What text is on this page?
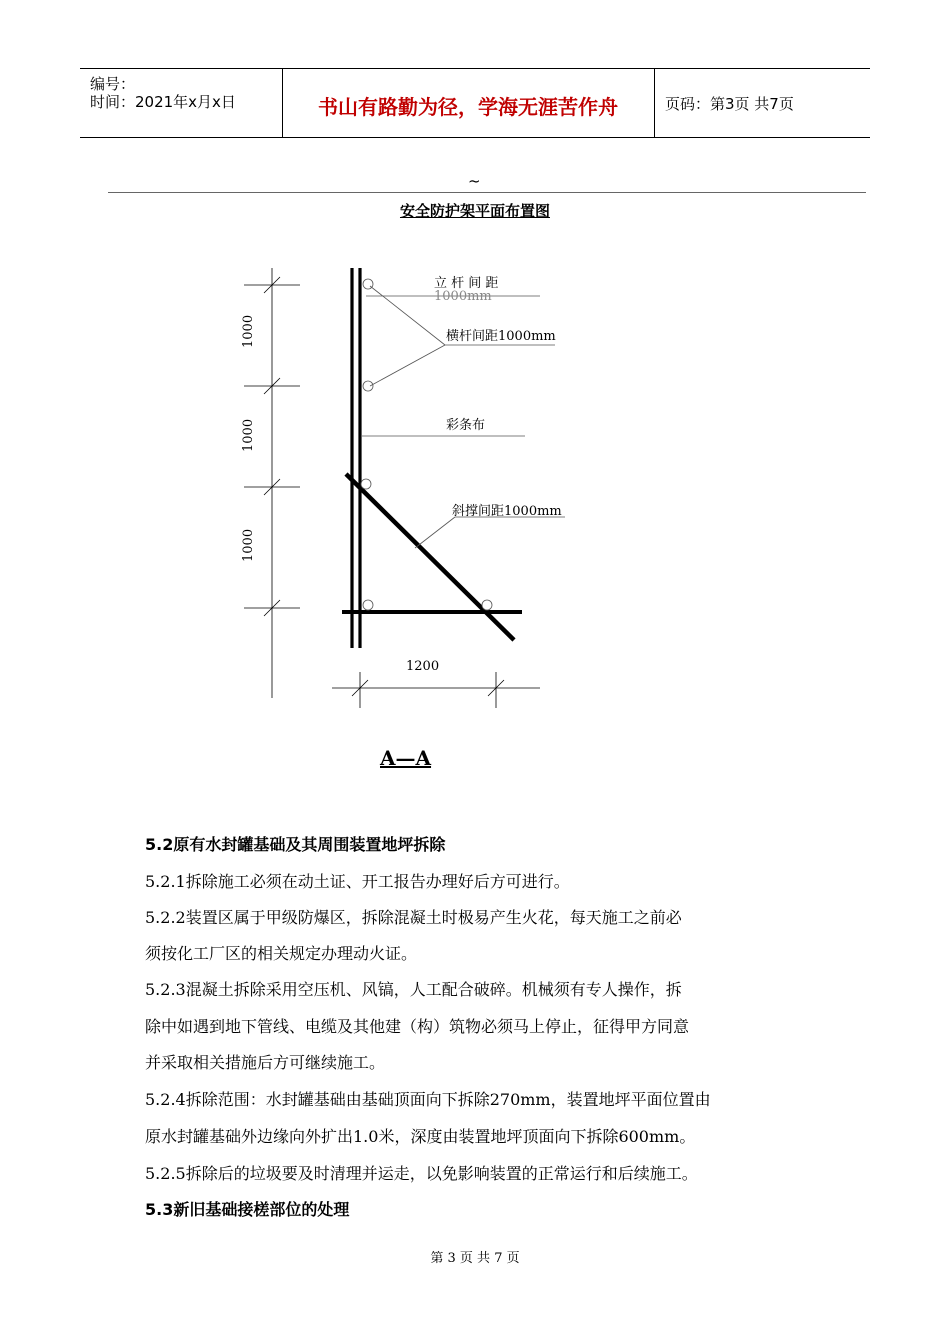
编号：
时间：2021年x月x日	书山有路勤为径，学海无涯苦作舟	页码：第3页 共7页
~
安全防护架平面布置图
1000
1000
1000
立 杆 间 距
1000mm
横杆间距1000mm
彩条布
斜撑间距1000mm
1200
A—A
5.2原有水封罐基础及其周围装置地坪拆除
5.2.1拆除施工必须在动土证、开工报告办理好后方可进行。
5.2.2装置区属于甲级防爆区，拆除混凝土时极易产生火花，每天施工之前必
须按化工厂区的相关规定办理动火证。
5.2.3混凝土拆除采用空压机、风镐，人工配合破碎。机械须有专人操作，拆
除中如遇到地下管线、电缆及其他建（构）筑物必须马上停止，征得甲方同意
并采取相关措施后方可继续施工。
5.2.4拆除范围：水封罐基础由基础顶面向下拆除270mm，装置地坪平面位置由
原水封罐基础外边缘向外扩出1.0米，深度由装置地坪顶面向下拆除600mm。
5.2.5拆除后的垃圾要及时清理并运走，以免影响装置的正常运行和后续施工。
5.3新旧基础接槎部位的处理
第 3 页 共 7 页
